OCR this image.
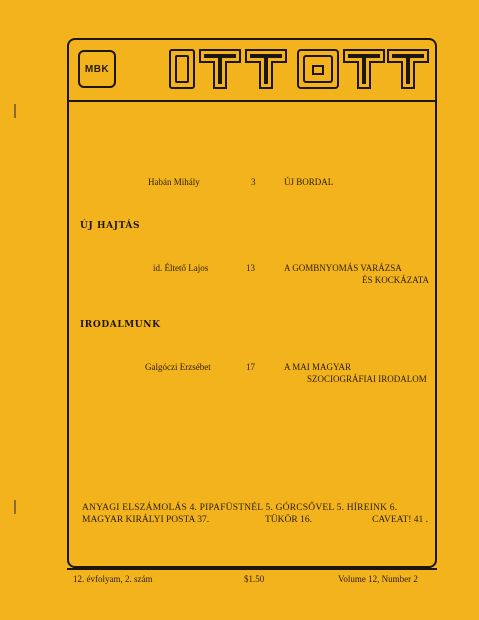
MBK
Habán Mihály	3	ÚJ BORDAL
ÚJ HAJTÁS
id. Éltető Lajos	13	A GOMBNYOMÁS VARÁZSA
ÉS KOCKÁZATA
IRODALMUNK
Galgóczi Erzsébet	17	A MAI MAGYAR
SZOCIOGRÁFIAI IRODALOM
ANYAGI ELSZÁMOLÁS 4. PIPAFÜSTNÉL 5. GÓRCSŐVEL 5. HÍREINK 6.
MAGYAR KIRÁLYI POSTA 37.	TÜKÖR 16.	CAVEAT! 41 .
12. évfolyam, 2. szám	$1.50	Volume 12, Number 2
